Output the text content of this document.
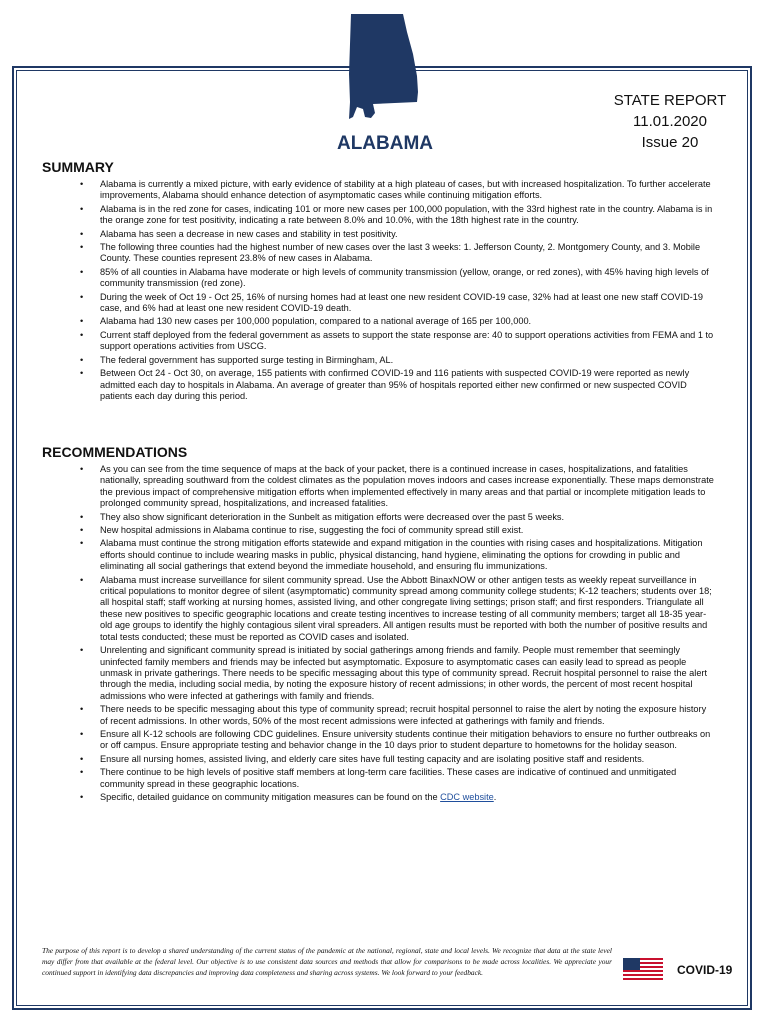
ALABAMA
STATE REPORT
11.01.2020
Issue 20
SUMMARY
• Alabama is currently a mixed picture, with early evidence of stability at a high plateau of cases, but with increased hospitalization. To further accelerate improvements, Alabama should enhance detection of asymptomatic cases while continuing mitigation efforts.
• Alabama is in the red zone for cases, indicating 101 or more new cases per 100,000 population, with the 33rd highest rate in the country. Alabama is in the orange zone for test positivity, indicating a rate between 8.0% and 10.0%, with the 18th highest rate in the country.
• Alabama has seen a decrease in new cases and stability in test positivity.
• The following three counties had the highest number of new cases over the last 3 weeks: 1. Jefferson County, 2. Montgomery County, and 3. Mobile County. These counties represent 23.8% of new cases in Alabama.
• 85% of all counties in Alabama have moderate or high levels of community transmission (yellow, orange, or red zones), with 45% having high levels of community transmission (red zone).
• During the week of Oct 19 - Oct 25, 16% of nursing homes had at least one new resident COVID-19 case, 32% had at least one new staff COVID-19 case, and 6% had at least one new resident COVID-19 death.
• Alabama had 130 new cases per 100,000 population, compared to a national average of 165 per 100,000.
• Current staff deployed from the federal government as assets to support the state response are: 40 to support operations activities from FEMA and 1 to support operations activities from USCG.
• The federal government has supported surge testing in Birmingham, AL.
• Between Oct 24 - Oct 30, on average, 155 patients with confirmed COVID-19 and 116 patients with suspected COVID-19 were reported as newly admitted each day to hospitals in Alabama. An average of greater than 95% of hospitals reported either new confirmed or new suspected COVID patients each day during this period.
RECOMMENDATIONS
• As you can see from the time sequence of maps at the back of your packet, there is a continued increase in cases, hospitalizations, and fatalities nationally, spreading southward from the coldest climates as the population moves indoors and cases increase exponentially. These maps demonstrate the previous impact of comprehensive mitigation efforts when implemented effectively in many areas and that partial or incomplete mitigation leads to prolonged community spread, hospitalizations, and increased fatalities.
• They also show significant deterioration in the Sunbelt as mitigation efforts were decreased over the past 5 weeks.
• New hospital admissions in Alabama continue to rise, suggesting the foci of community spread still exist.
• Alabama must continue the strong mitigation efforts statewide and expand mitigation in the counties with rising cases and hospitalizations. Mitigation efforts should continue to include wearing masks in public, physical distancing, hand hygiene, eliminating the options for crowding in public and eliminating all social gatherings that extend beyond the immediate household, and ensuring flu immunizations.
• Alabama must increase surveillance for silent community spread. Use the Abbott BinaxNOW or other antigen tests as weekly repeat surveillance in critical populations to monitor degree of silent (asymptomatic) community spread among community college students; K-12 teachers; students over 18; all hospital staff; staff working at nursing homes, assisted living, and other congregate living settings; prison staff; and first responders. Triangulate all these new positives to specific geographic locations and create testing incentives to increase testing of all community members; target all 18-35 year-old age groups to identify the highly contagious silent viral spreaders. All antigen results must be reported with both the number of positive results and total tests conducted; these must be reported as COVID cases and isolated.
• Unrelenting and significant community spread is initiated by social gatherings among friends and family. People must remember that seemingly uninfected family members and friends may be infected but asymptomatic. Exposure to asymptomatic cases can easily lead to spread as people unmask in private gatherings. There needs to be specific messaging about this type of community spread. Recruit hospital personnel to raise the alert through the media, including social media, by noting the exposure history of recent admissions; in other words, the percent of most recent hospital admissions who were infected at gatherings with family and friends.
• There needs to be specific messaging about this type of community spread; recruit hospital personnel to raise the alert by noting the exposure history of recent admissions. In other words, 50% of the most recent admissions were infected at gatherings with family and friends.
• Ensure all K-12 schools are following CDC guidelines. Ensure university students continue their mitigation behaviors to ensure no further outbreaks on or off campus. Ensure appropriate testing and behavior change in the 10 days prior to student departure to hometowns for the holiday season.
• Ensure all nursing homes, assisted living, and elderly care sites have full testing capacity and are isolating positive staff and residents.
• There continue to be high levels of positive staff members at long-term care facilities. These cases are indicative of continued and unmitigated community spread in these geographic locations.
• Specific, detailed guidance on community mitigation measures can be found on the CDC website.
The purpose of this report is to develop a shared understanding of the current status of the pandemic at the national, regional, state and local levels. We recognize that data at the state level may differ from that available at the federal level. Our objective is to use consistent data sources and methods that allow for comparisons to be made across localities. We appreciate your continued support in identifying data discrepancies and improving data completeness and sharing across systems. We look forward to your feedback.	COVID-19
